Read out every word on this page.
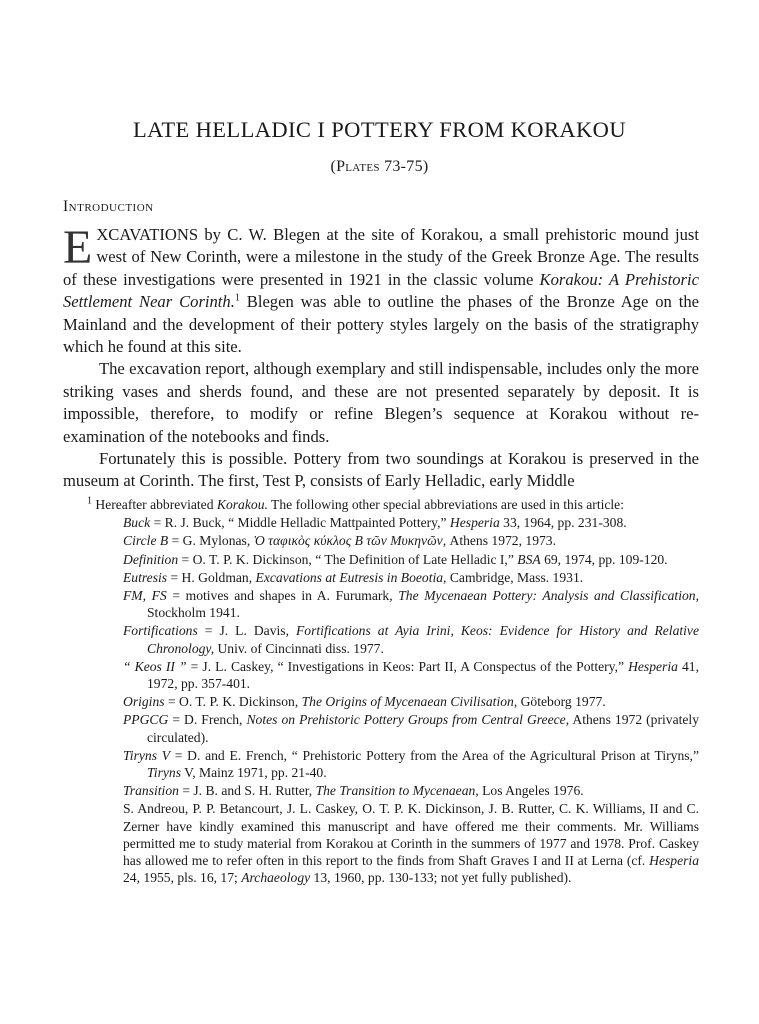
LATE HELLADIC I POTTERY FROM KORAKOU
(Plates 73-75)
Introduction

EXCAVATIONS by C. W. Blegen at the site of Korakou, a small prehistoric mound just west of New Corinth, were a milestone in the study of the Greek Bronze Age. The results of these investigations were presented in 1921 in the classic volume Korakou: A Prehistoric Settlement Near Corinth.$^1$ Blegen was able to outline the phases of the Bronze Age on the Mainland and the development of their pottery styles largely on the basis of the stratigraphy which he found at this site.

The excavation report, although exemplary and still indispensable, includes only the more striking vases and sherds found, and these are not presented separately by deposit. It is impossible, therefore, to modify or refine Blegen’s sequence at Korakou without re-examination of the notebooks and finds.

Fortunately this is possible. Pottery from two soundings at Korakou is preserved in the museum at Corinth. The first, Test P, consists of Early Helladic, early Middle

$^1$ Hereafter abbreviated Korakou. The following other special abbreviations are used in this article:

Buck = R. J. Buck, “ Middle Helladic Mattpainted Pottery,” Hesperia 33, 1964, pp. 231-308.

Circle B = G. Mylonas, Ὁ ταφικὸς κύκλος Β τῶν Μυκηνῶν, Athens 1972, 1973.

Definition = O. T. P. K. Dickinson, “ The Definition of Late Helladic I,” BSA 69, 1974, pp. 109-120.

Eutresis = H. Goldman, Excavations at Eutresis in Boeotia, Cambridge, Mass. 1931.

FM, FS = motives and shapes in A. Furumark, The Mycenaean Pottery: Analysis and Classification, Stockholm 1941.

Fortifications = J. L. Davis, Fortifications at Ayia Irini, Keos: Evidence for History and Relative Chronology, Univ. of Cincinnati diss. 1977.

“ Keos II ” = J. L. Caskey, “ Investigations in Keos: Part II, A Conspectus of the Pottery,” Hesperia 41, 1972, pp. 357-401.

Origins = O. T. P. K. Dickinson, The Origins of Mycenaean Civilisation, Göteborg 1977.

PPGCG = D. French, Notes on Prehistoric Pottery Groups from Central Greece, Athens 1972 (privately circulated).

Tiryns V = D. and E. French, “ Prehistoric Pottery from the Area of the Agricultural Prison at Tiryns,” Tiryns V, Mainz 1971, pp. 21-40.

Transition = J. B. and S. H. Rutter, The Transition to Mycenaean, Los Angeles 1976.

S. Andreou, P. P. Betancourt, J. L. Caskey, O. T. P. K. Dickinson, J. B. Rutter, C. K. Williams, II and C. Zerner have kindly examined this manuscript and have offered me their comments. Mr. Williams permitted me to study material from Korakou at Corinth in the summers of 1977 and 1978. Prof. Caskey has allowed me to refer often in this report to the finds from Shaft Graves I and II at Lerna (cf. Hesperia 24, 1955, pls. 16, 17; Archaeology 13, 1960, pp. 130-133; not yet fully published).
